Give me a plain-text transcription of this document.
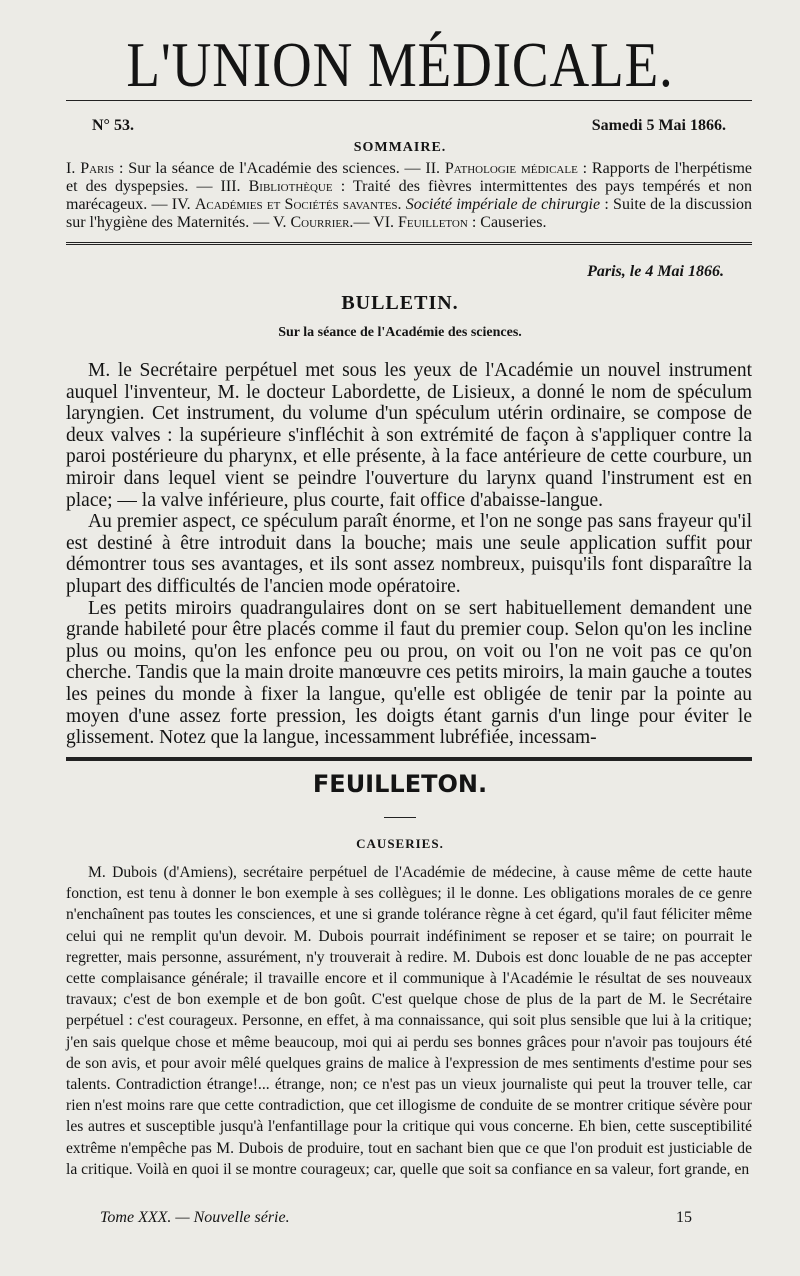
L'UNION MÉDICALE.
N° 53.	Samedi 5 Mai 1866.
SOMMAIRE.
I. Paris : Sur la séance de l'Académie des sciences. — II. Pathologie médicale : Rapports de l'herpétisme et des dyspepsies. — III. Bibliothèque : Traité des fièvres intermittentes des pays tempérés et non marécageux. — IV. Académies et Sociétés savantes. Société impériale de chirurgie : Suite de la discussion sur l'hygiène des Maternités. — V. Courrier.— VI. Feuilleton : Causeries.
Paris, le 4 Mai 1866.
BULLETIN.
Sur la séance de l'Académie des sciences.

M. le Secrétaire perpétuel met sous les yeux de l'Académie un nouvel instrument auquel l'inventeur, M. le docteur Labordette, de Lisieux, a donné le nom de spéculum laryngien. Cet instrument, du volume d'un spéculum utérin ordinaire, se compose de deux valves : la supérieure s'infléchit à son extrémité de façon à s'appliquer contre la paroi postérieure du pharynx, et elle présente, à la face antérieure de cette courbure, un miroir dans lequel vient se peindre l'ouverture du larynx quand l'instrument est en place; — la valve inférieure, plus courte, fait office d'abaisse-langue.

Au premier aspect, ce spéculum paraît énorme, et l'on ne songe pas sans frayeur qu'il est destiné à être introduit dans la bouche; mais une seule application suffit pour démontrer tous ses avantages, et ils sont assez nombreux, puisqu'ils font disparaître la plupart des difficultés de l'ancien mode opératoire.

Les petits miroirs quadrangulaires dont on se sert habituellement demandent une grande habileté pour être placés comme il faut du premier coup. Selon qu'on les incline plus ou moins, qu'on les enfonce peu ou prou, on voit ou l'on ne voit pas ce qu'on cherche. Tandis que la main droite manœuvre ces petits miroirs, la main gauche a toutes les peines du monde à fixer la langue, qu'elle est obligée de tenir par la pointe au moyen d'une assez forte pression, les doigts étant garnis d'un linge pour éviter le glissement. Notez que la langue, incessamment lubréfiée, incessam-

FEUILLETON.
CAUSERIES.

M. Dubois (d'Amiens), secrétaire perpétuel de l'Académie de médecine, à cause même de cette haute fonction, est tenu à donner le bon exemple à ses collègues; il le donne. Les obligations morales de ce genre n'enchaînent pas toutes les consciences, et une si grande tolérance règne à cet égard, qu'il faut féliciter même celui qui ne remplit qu'un devoir. M. Dubois pourrait indéfiniment se reposer et se taire; on pourrait le regretter, mais personne, assurément, n'y trouverait à redire. M. Dubois est donc louable de ne pas accepter cette complaisance générale; il travaille encore et il communique à l'Académie le résultat de ses nouveaux travaux; c'est de bon exemple et de bon goût. C'est quelque chose de plus de la part de M. le Secrétaire perpétuel : c'est courageux. Personne, en effet, à ma connaissance, qui soit plus sensible que lui à la critique; j'en sais quelque chose et même beaucoup, moi qui ai perdu ses bonnes grâces pour n'avoir pas toujours été de son avis, et pour avoir mêlé quelques grains de malice à l'expression de mes sentiments d'estime pour ses talents. Contradiction étrange!... étrange, non; ce n'est pas un vieux journaliste qui peut la trouver telle, car rien n'est moins rare que cette contradiction, que cet illogisme de conduite de se montrer critique sévère pour les autres et susceptible jusqu'à l'enfantillage pour la critique qui vous concerne. Eh bien, cette susceptibilité extrême n'empêche pas M. Dubois de produire, tout en sachant bien que ce que l'on produit est justiciable de la critique. Voilà en quoi il se montre courageux; car, quelle que soit sa confiance en sa valeur, fort grande, en

Tome XXX. — Nouvelle série.	15
